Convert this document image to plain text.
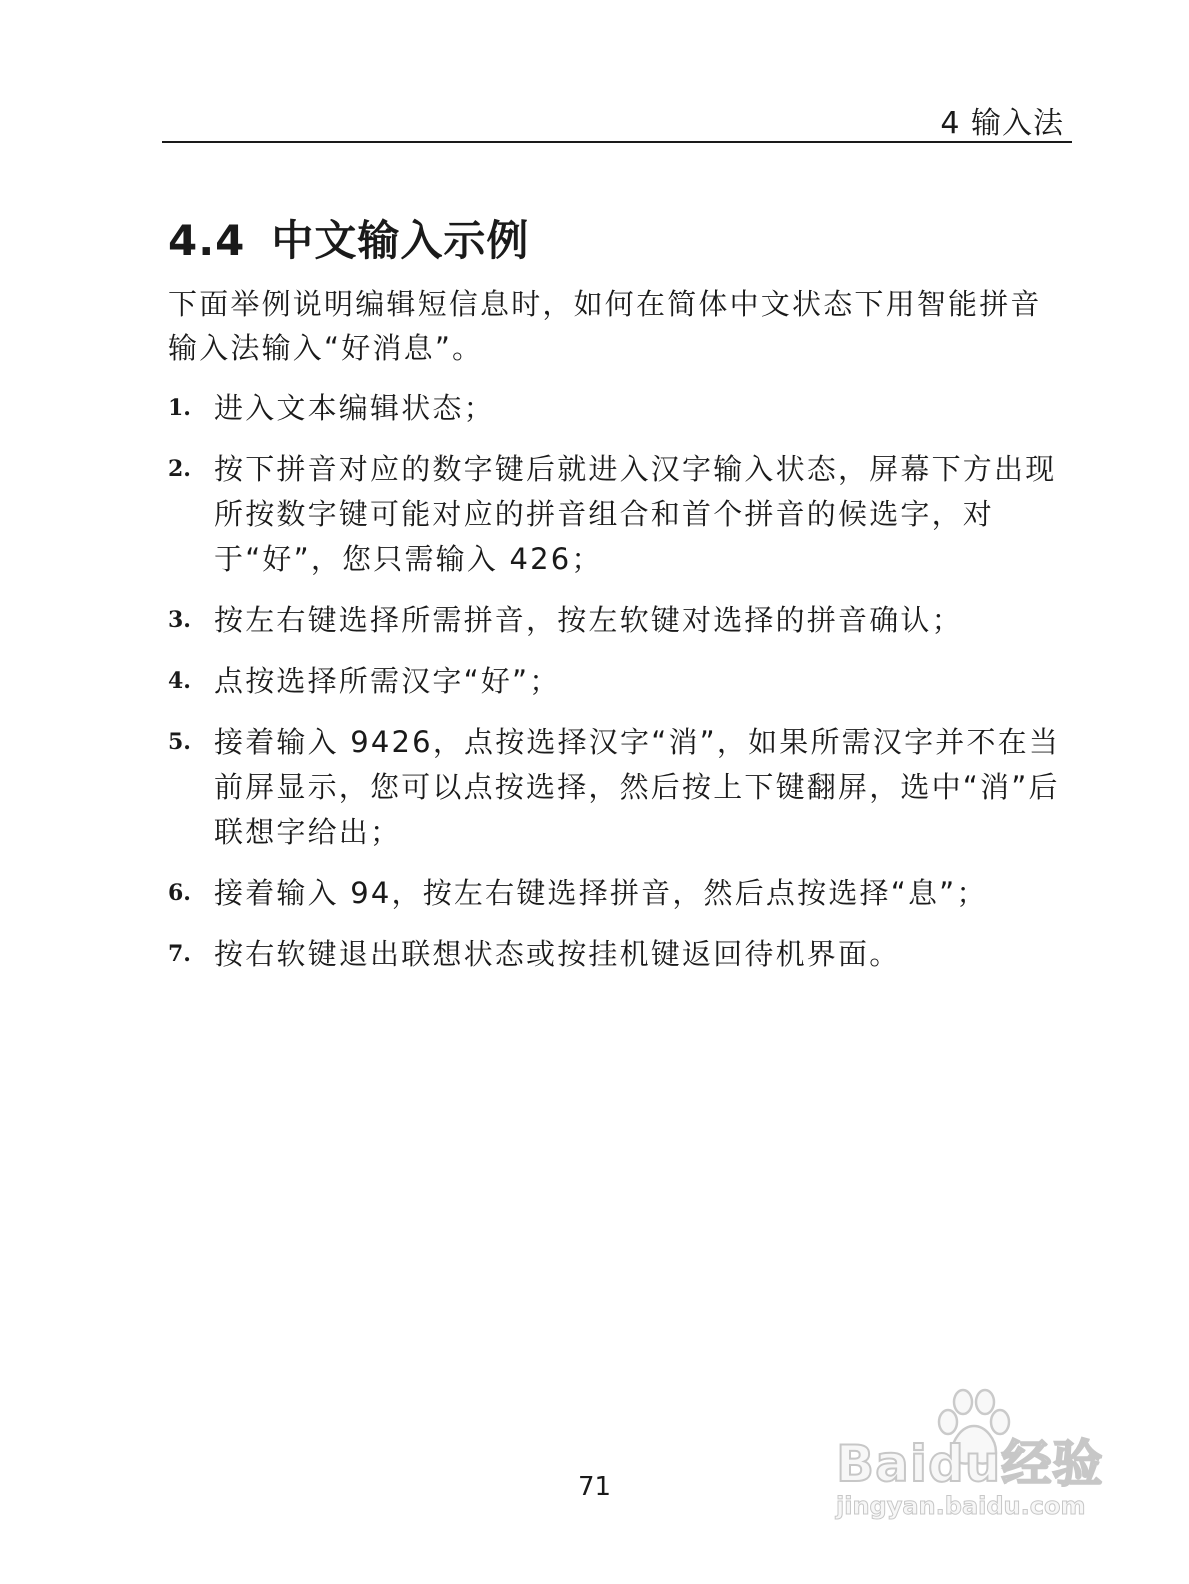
4 输入法
4.4 中文输入示例
下面举例说明编辑短信息时，如何在简体中文状态下用智能拼音输入法输入“好消息”。
1. 进入文本编辑状态；
2. 按下拼音对应的数字键后就进入汉字输入状态，屏幕下方出现所按数字键可能对应的拼音组合和首个拼音的候选字，对于“好”，您只需输入 426；
3. 按左右键选择所需拼音，按左软键对选择的拼音确认；
4. 点按选择所需汉字“好”；
5. 接着输入 9426，点按选择汉字“消”，如果所需汉字并不在当前屏显示，您可以点按选择，然后按上下键翻屏，选中“消”后联想字给出；
6. 接着输入 94，按左右键选择拼音，然后点按选择“息”；
7. 按右软键退出联想状态或按挂机键返回待机界面。
Baidu经验
jingyan.baidu.com
71
